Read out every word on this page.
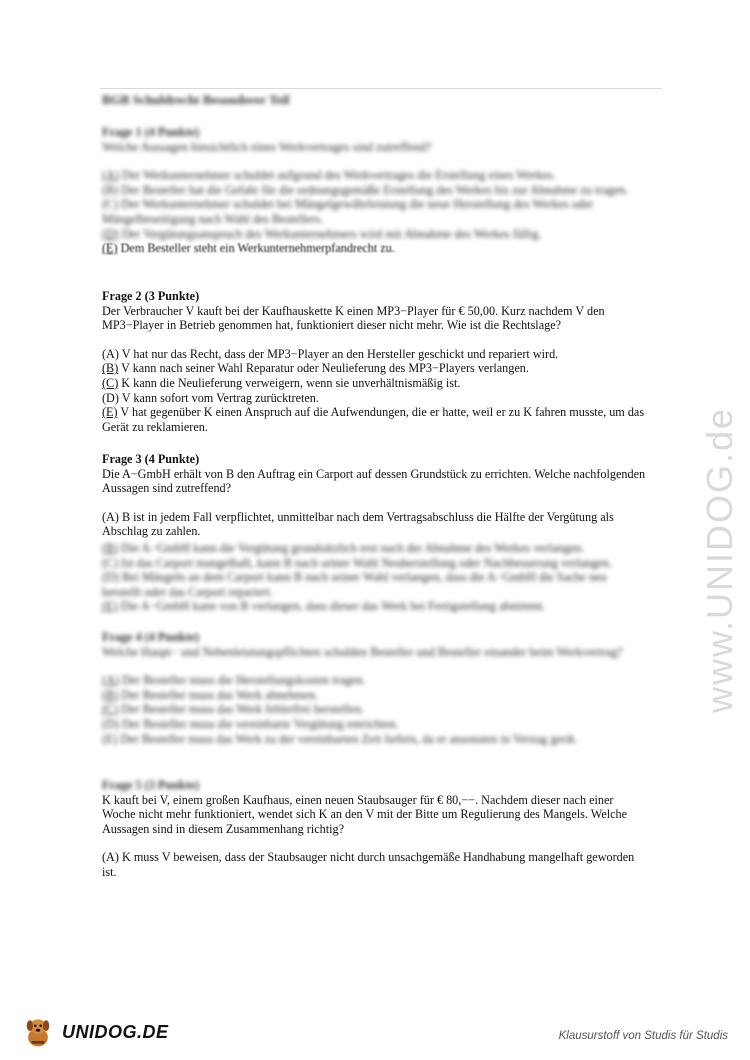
BGB Schuldrecht Besonderer Teil
Frage 1 (4 Punkte)
Welche Aussagen hinsichtlich eines Werkvertrages sind zutreffend?
(A) Der Werkunternehmer schuldet aufgrund des Werkvertrages die Erstellung eines Werkes.
(B) Der Besteller hat die Gefahr für die ordnungsgemäße Erstellung des Werkes bis zur Abnahme zu tragen.
(C) Der Werkunternehmer schuldet bei Mängelgewährleistung die neue Herstellung des Werkes oder Mängelbeseitigung nach Wahl des Bestellers.
(D) Der Vergütungsanspruch des Werkunternehmers wird mit Abnahme des Werkes fällig.
(E) Dem Besteller steht ein Werkunternehmerpfandrecht zu.
Frage 2 (3 Punkte)
Der Verbraucher V kauft bei der Kaufhauskette K einen MP3−Player für € 50,00. Kurz nachdem V den MP3−Player in Betrieb genommen hat, funktioniert dieser nicht mehr. Wie ist die Rechtslage?
(A) V hat nur das Recht, dass der MP3−Player an den Hersteller geschickt und repariert wird.
(B) V kann nach seiner Wahl Reparatur oder Neulieferung des MP3−Players verlangen.
(C) K kann die Neulieferung verweigern, wenn sie unverhältnismäßig ist.
(D) V kann sofort vom Vertrag zurücktreten.
(E) V hat gegenüber K einen Anspruch auf die Aufwendungen, die er hatte, weil er zu K fahren musste, um das Gerät zu reklamieren.
Frage 3 (4 Punkte)
Die A−GmbH erhält von B den Auftrag ein Carport auf dessen Grundstück zu errichten. Welche nachfolgenden Aussagen sind zutreffend?
(A) B ist in jedem Fall verpflichtet, unmittelbar nach dem Vertragsabschluss die Hälfte der Vergütung als Abschlag zu zahlen.
(B) Die A−GmbH kann die Vergütung grundsätzlich erst nach der Abnahme des Werkes verlangen.
(C) Ist das Carport mangelhaft, kann B nach seiner Wahl Neuherstellung oder Nachbesserung verlangen.
(D) Bei Mängeln an dem Carport kann B nach seiner Wahl verlangen, dass die A−GmbH die Sache neu herstellt oder das Carport repariert.
(E) Die A−GmbH kann von B verlangen, dass dieser das Werk bei Fertigstellung abnimmt.
Frage 4 (4 Punkte)
Welche Haupt− und Nebenleistungspflichten schulden Besteller und Besteller einander beim Werkvertrag?
(A) Der Besteller muss die Herstellungskosten tragen.
(B) Der Besteller muss das Werk abnehmen.
(C) Der Besteller muss das Werk fehlerfrei herstellen.
(D) Der Besteller muss die vereinbarte Vergütung entrichten.
(E) Der Besteller muss das Werk zu der vereinbarten Zeit liefern, da er ansonsten in Verzug gerät.
Frage 5 (3 Punkte)
K kauft bei V, einem großen Kaufhaus, einen neuen Staubsauger für € 80,−−. Nachdem dieser nach einer Woche nicht mehr funktioniert, wendet sich K an den V mit der Bitte um Regulierung des Mangels. Welche Aussagen sind in diesem Zusammenhang richtig?
(A) K muss V beweisen, dass der Staubsauger nicht durch unsachgemäße Handhabung mangelhaft geworden ist.
www.UNIDOG.de
UNIDOG.DE	Klausurstoff von Studis für Studis
